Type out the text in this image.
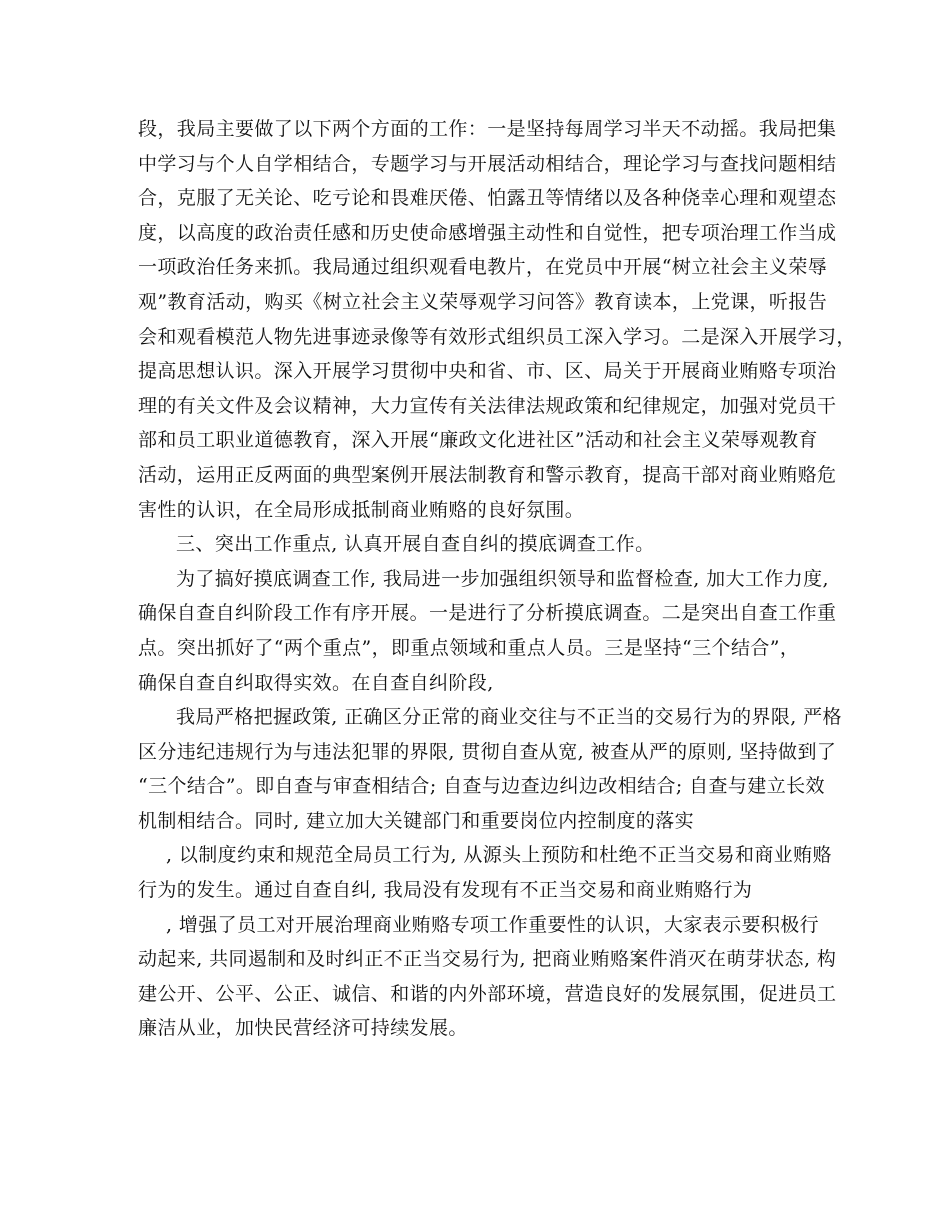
段，我局主要做了以下两个方面的工作：一是坚持每周学习半天不动摇。我局把集
中学习与个人自学相结合，专题学习与开展活动相结合，理论学习与查找问题相结
合，克服了无关论、吃亏论和畏难厌倦、怕露丑等情绪以及各种侥幸心理和观望态
度，以高度的政治责任感和历史使命感增强主动性和自觉性，把专项治理工作当成
一项政治任务来抓。我局通过组织观看电教片，在党员中开展“树立社会主义荣辱
观”教育活动，购买《树立社会主义荣辱观学习问答》教育读本，上党课，听报告
会和观看模范人物先进事迹录像等有效形式组织员工深入学习。二是深入开展学习，
提高思想认识。深入开展学习贯彻中央和省、市、区、局关于开展商业贿赂专项治
理的有关文件及会议精神，大力宣传有关法律法规政策和纪律规定，加强对党员干
部和员工职业道德教育，深入开展“廉政文化进社区”活动和社会主义荣辱观教育
活动，运用正反两面的典型案例开展法制教育和警示教育，提高干部对商业贿赂危
害性的认识，在全局形成抵制商业贿赂的良好氛围。
三、突出工作重点, 认真开展自查自纠的摸底调查工作。
为了搞好摸底调查工作, 我局进一步加强组织领导和监督检查, 加大工作力度,
确保自查自纠阶段工作有序开展。一是进行了分析摸底调查。二是突出自查工作重
点。突出抓好了“两个重点”，即重点领域和重点人员。三是坚持“三个结合”，
确保自查自纠取得实效。在自查自纠阶段,
我局严格把握政策, 正确区分正常的商业交往与不正当的交易行为的界限, 严格
区分违纪违规行为与违法犯罪的界限, 贯彻自查从宽, 被查从严的原则, 坚持做到了
“三个结合”。即自查与审查相结合; 自查与边查边纠边改相结合; 自查与建立长效
机制相结合。同时, 建立加大关键部门和重要岗位内控制度的落实
, 以制度约束和规范全局员工行为, 从源头上预防和杜绝不正当交易和商业贿赂
行为的发生。通过自查自纠, 我局没有发现有不正当交易和商业贿赂行为
, 增强了员工对开展治理商业贿赂专项工作重要性的认识，大家表示要积极行
动起来, 共同遏制和及时纠正不正当交易行为, 把商业贿赂案件消灭在萌芽状态, 构
建公开、公平、公正、诚信、和谐的内外部环境，营造良好的发展氛围，促进员工
廉洁从业，加快民营经济可持续发展。
